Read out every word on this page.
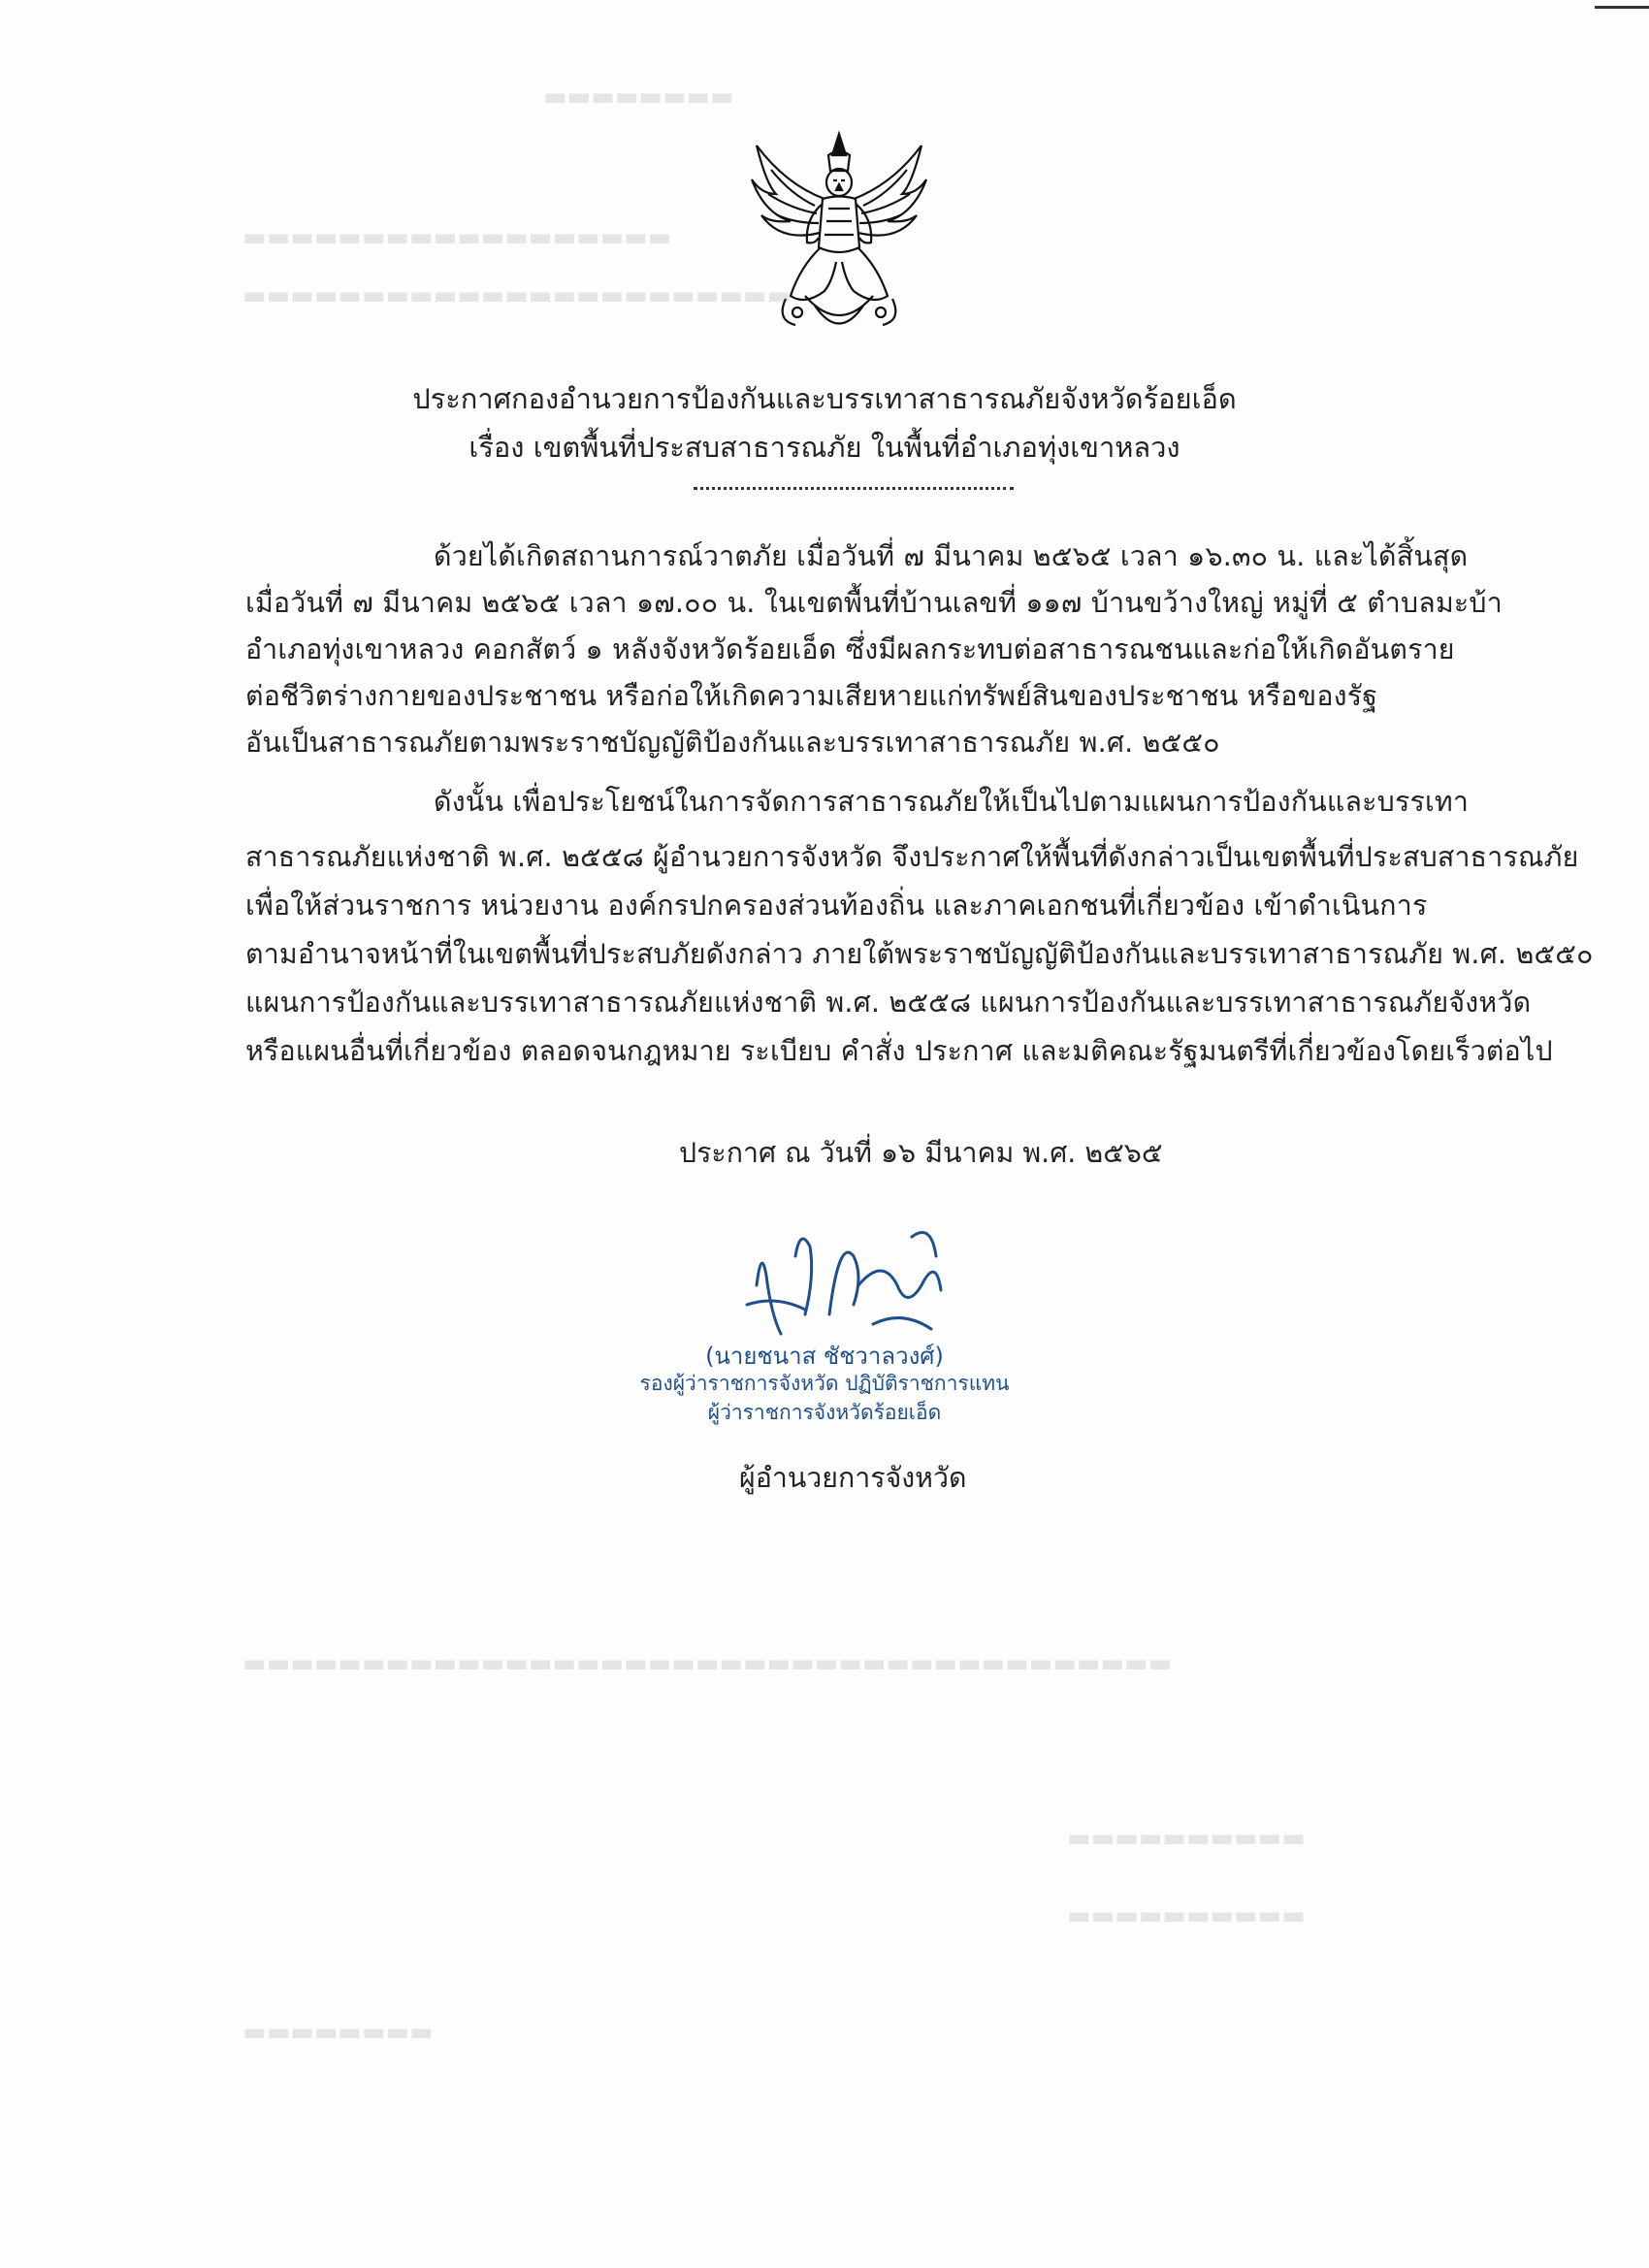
▬▬▬▬▬▬▬▬
▬▬▬▬▬▬▬▬▬▬▬▬▬▬▬▬▬▬
▬▬▬▬▬▬▬▬▬▬▬▬▬▬▬▬▬▬▬▬▬▬▬
▬▬▬▬▬▬▬▬▬▬▬▬▬▬▬▬▬▬▬▬▬▬▬▬▬▬▬▬▬▬▬▬▬▬▬▬▬▬▬
▬▬▬▬▬▬▬▬▬▬
▬▬▬▬▬▬▬▬▬▬
▬▬▬▬▬▬▬▬
ประกาศกองอำนวยการป้องกันและบรรเทาสาธารณภัยจังหวัดร้อยเอ็ด
เรื่อง เขตพื้นที่ประสบสาธารณภัย ในพื้นที่อำเภอทุ่งเขาหลวง
ด้วยได้เกิดสถานการณ์วาตภัย เมื่อวันที่ ๗ มีนาคม ๒๕๖๕ เวลา ๑๖.๓๐ น. และได้สิ้นสุด
เมื่อวันที่ ๗ มีนาคม ๒๕๖๕ เวลา ๑๗.๐๐ น. ในเขตพื้นที่บ้านเลขที่ ๑๑๗ บ้านขว้างใหญ่ หมู่ที่ ๕ ตำบลมะบ้า
อำเภอทุ่งเขาหลวง คอกสัตว์ ๑ หลังจังหวัดร้อยเอ็ด ซึ่งมีผลกระทบต่อสาธารณชนและก่อให้เกิดอันตราย
ต่อชีวิตร่างกายของประชาชน หรือก่อให้เกิดความเสียหายแก่ทรัพย์สินของประชาชน หรือของรัฐ
อันเป็นสาธารณภัยตามพระราชบัญญัติป้องกันและบรรเทาสาธารณภัย พ.ศ. ๒๕๕๐
ดังนั้น เพื่อประโยชน์ในการจัดการสาธารณภัยให้เป็นไปตามแผนการป้องกันและบรรเทา
สาธารณภัยแห่งชาติ พ.ศ. ๒๕๕๘ ผู้อำนวยการจังหวัด จึงประกาศให้พื้นที่ดังกล่าวเป็นเขตพื้นที่ประสบสาธารณภัย
เพื่อให้ส่วนราชการ หน่วยงาน องค์กรปกครองส่วนท้องถิ่น และภาคเอกชนที่เกี่ยวข้อง เข้าดำเนินการ
ตามอำนาจหน้าที่ในเขตพื้นที่ประสบภัยดังกล่าว ภายใต้พระราชบัญญัติป้องกันและบรรเทาสาธารณภัย พ.ศ. ๒๕๕๐
แผนการป้องกันและบรรเทาสาธารณภัยแห่งชาติ พ.ศ. ๒๕๕๘ แผนการป้องกันและบรรเทาสาธารณภัยจังหวัด
หรือแผนอื่นที่เกี่ยวข้อง ตลอดจนกฎหมาย ระเบียบ คำสั่ง ประกาศ และมติคณะรัฐมนตรีที่เกี่ยวข้องโดยเร็วต่อไป
ประกาศ ณ วันที่ ๑๖ มีนาคม พ.ศ. ๒๕๖๕
(นายชนาส ชัชวาลวงศ์)
รองผู้ว่าราชการจังหวัด ปฏิบัติราชการแทน
ผู้ว่าราชการจังหวัดร้อยเอ็ด
ผู้อำนวยการจังหวัด
